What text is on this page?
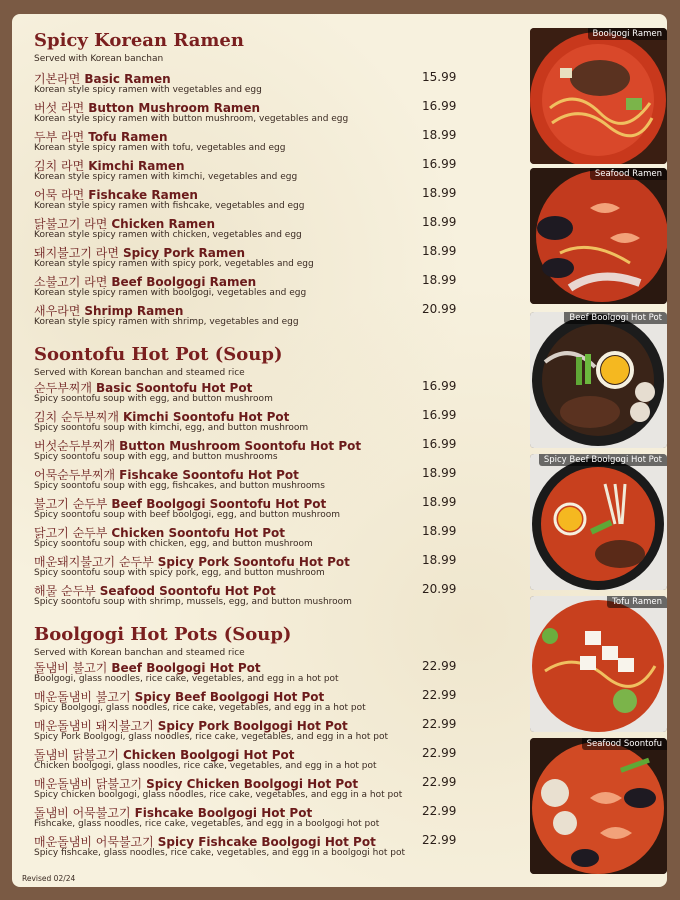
Spicy Korean Ramen
Served with Korean banchan
기본라면 Basic Ramen
Korean style spicy ramen with vegetables and egg
15.99
버섯 라면 Button Mushroom Ramen
Korean style spicy ramen with button mushroom, vegetables and egg
16.99
두부 라면 Tofu Ramen
Korean style spicy ramen with tofu, vegetables and egg
18.99
김치 라면 Kimchi Ramen
Korean style spicy ramen with kimchi, vegetables and egg
16.99
어묵 라면 Fishcake Ramen
Korean style spicy ramen with fishcake, vegetables and egg
18.99
닭불고기 라면 Chicken Ramen
Korean style spicy ramen with chicken, vegetables and egg
18.99
돼지불고기 라면 Spicy Pork Ramen
Korean style spicy ramen with spicy pork, vegetables and egg
18.99
소불고기 라면 Beef Boolgogi Ramen
Korean style spicy ramen with boolgogi, vegetables and egg
18.99
새우라면 Shrimp Ramen
Korean style spicy ramen with shrimp, vegetables and egg
20.99
Soontofu Hot Pot (Soup)
Served with Korean banchan and steamed rice
순두부찌개 Basic Soontofu Hot Pot
Spicy soontofu soup with egg, and button mushroom
16.99
김치 순두부찌개 Kimchi Soontofu Hot Pot
Spicy soontofu soup with kimchi, egg, and button mushroom
16.99
버섯순두부찌개 Button Mushroom Soontofu Hot Pot
Spicy soontofu soup with egg, and button mushrooms
16.99
어묵순두부찌개 Fishcake Soontofu Hot Pot
Spicy soontofu soup with egg, fishcakes, and button mushrooms
18.99
불고기 순두부 Beef Boolgogi Soontofu Hot Pot
Spicy soontofu soup with beef boolgogi, egg, and button mushroom
18.99
닭고기 순두부 Chicken Soontofu Hot Pot
Spicy soontofu soup with chicken, egg, and button mushroom
18.99
매운돼지불고기 순두부 Spicy Pork Soontofu Hot Pot
Spicy soontofu soup with spicy pork, egg, and button mushroom
18.99
해물 순두부 Seafood Soontofu Hot Pot
Spicy soontofu soup with shrimp, mussels, egg, and button mushroom
20.99
Boolgogi Hot Pots (Soup)
Served with Korean banchan and steamed rice
돌냄비 불고기 Beef Boolgogi Hot Pot
Boolgogi, glass noodles, rice cake, vegetables, and egg in a hot pot
22.99
매운돌냄비 불고기 Spicy Beef Boolgogi Hot Pot
Spicy Boolgogi, glass noodles, rice cake, vegetables, and egg in a hot pot
22.99
매운돌냄비 돼지불고기 Spicy Pork Boolgogi Hot Pot
Spicy Pork Boolgogi, glass noodles, rice cake, vegetables, and egg in a hot pot
22.99
돌냄비 닭불고기 Chicken Boolgogi Hot Pot
Chicken boolgogi, glass noodles, rice cake, vegetables, and egg in a hot pot
22.99
매운돌냄비 닭불고기 Spicy Chicken Boolgogi Hot Pot
Spicy chicken boolgogi, glass noodles, rice cake, vegetables, and egg in a hot pot
22.99
돌냄비 어묵불고기 Fishcake Boolgogi Hot Pot
Fishcake, glass noodles, rice cake, vegetables, and egg in a boolgogi hot pot
22.99
매운돌냄비 어묵불고기 Spicy Fishcake Boolgogi Hot Pot
Spicy fishcake, glass noodles, rice cake, vegetables, and egg in a boolgogi hot pot
22.99
Revised 02/24
Boolgogi Ramen
Seafood Ramen
Beef Boolgogi Hot Pot
Spicy Beef Boolgogi Hot Pot
Tofu Ramen
Seafood Soontofu
